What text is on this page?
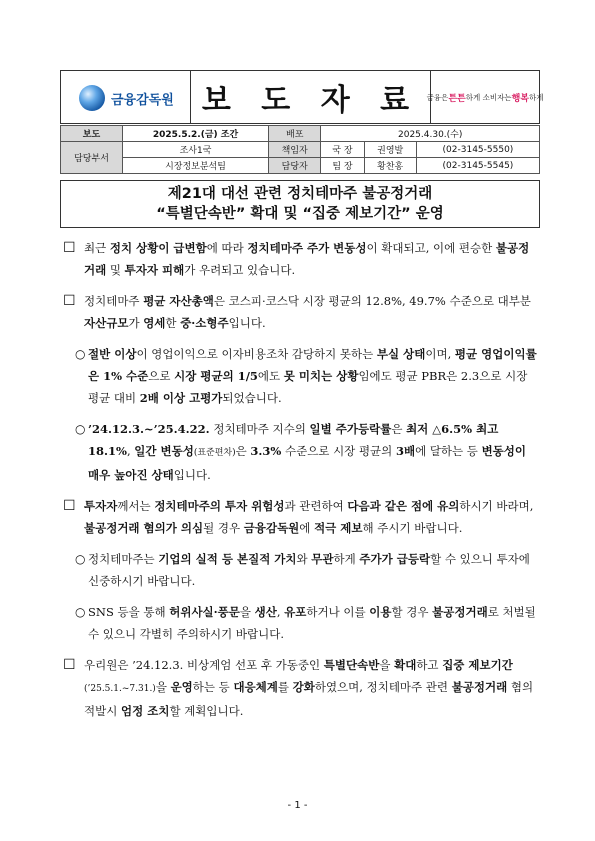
금융감독원 보 도 자 료 금융은 튼튼 하게 소비자는 행복 하게
보도	2025.5.2.(금) 조간	배포	2025.4.30.(수)		
담당부서	조사1국	책임자	국 장	권영발	(02-3145-5550)
	시장정보분석팀	담당자	팀 장	황찬홍	(02-3145-5545)
제21대 대선 관련 정치테마주 불공정거래
“특별단속반” 확대 및 “집중 제보기간” 운영
☐ 최근 정치 상황이 급변함에 따라 정치테마주 주가 변동성이 확대되고, 이에 편승한 불공정거래 및 투자자 피해가 우려되고 있습니다.
☐ 정치테마주 평균 자산총액은 코스피·코스닥 시장 평균의 12.8%, 49.7% 수준으로 대부분 자산규모가 영세한 중·소형주입니다.
○ 절반 이상이 영업이익으로 이자비용조차 감당하지 못하는 부실 상태이며, 평균 영업이익률은 1% 수준으로 시장 평균의 1/5에도 못 미치는 상황임에도 평균 PBR은 2.3으로 시장 평균 대비 2배 이상 고평가되었습니다.
○ ’24.12.3.~’25.4.22. 정치테마주 지수의 일별 주가등락률은 최저 △6.5% 최고 18.1%, 일간 변동성(표준편차)은 3.3% 수준으로 시장 평균의 3배에 달하는 등 변동성이 매우 높아진 상태입니다.
☐ 투자자께서는 정치테마주의 투자 위험성과 관련하여 다음과 같은 점에 유의하시기 바라며, 불공정거래 혐의가 의심될 경우 금융감독원에 적극 제보해 주시기 바랍니다.
○ 정치테마주는 기업의 실적 등 본질적 가치와 무관하게 주가가 급등락할 수 있으니 투자에 신중하시기 바랍니다.
○ SNS 등을 통해 허위사실·풍문을 생산, 유포하거나 이를 이용할 경우 불공정거래로 처벌될 수 있으니 각별히 주의하시기 바랍니다.
☐ 우리원은 ’24.12.3. 비상계엄 선포 후 가동중인 특별단속반을 확대하고 집중 제보기간(’25.5.1.~7.31.)을 운영하는 등 대응체계를 강화하였으며, 정치테마주 관련 불공정거래 혐의 적발시 엄정 조치할 계획입니다.
- 1 -
